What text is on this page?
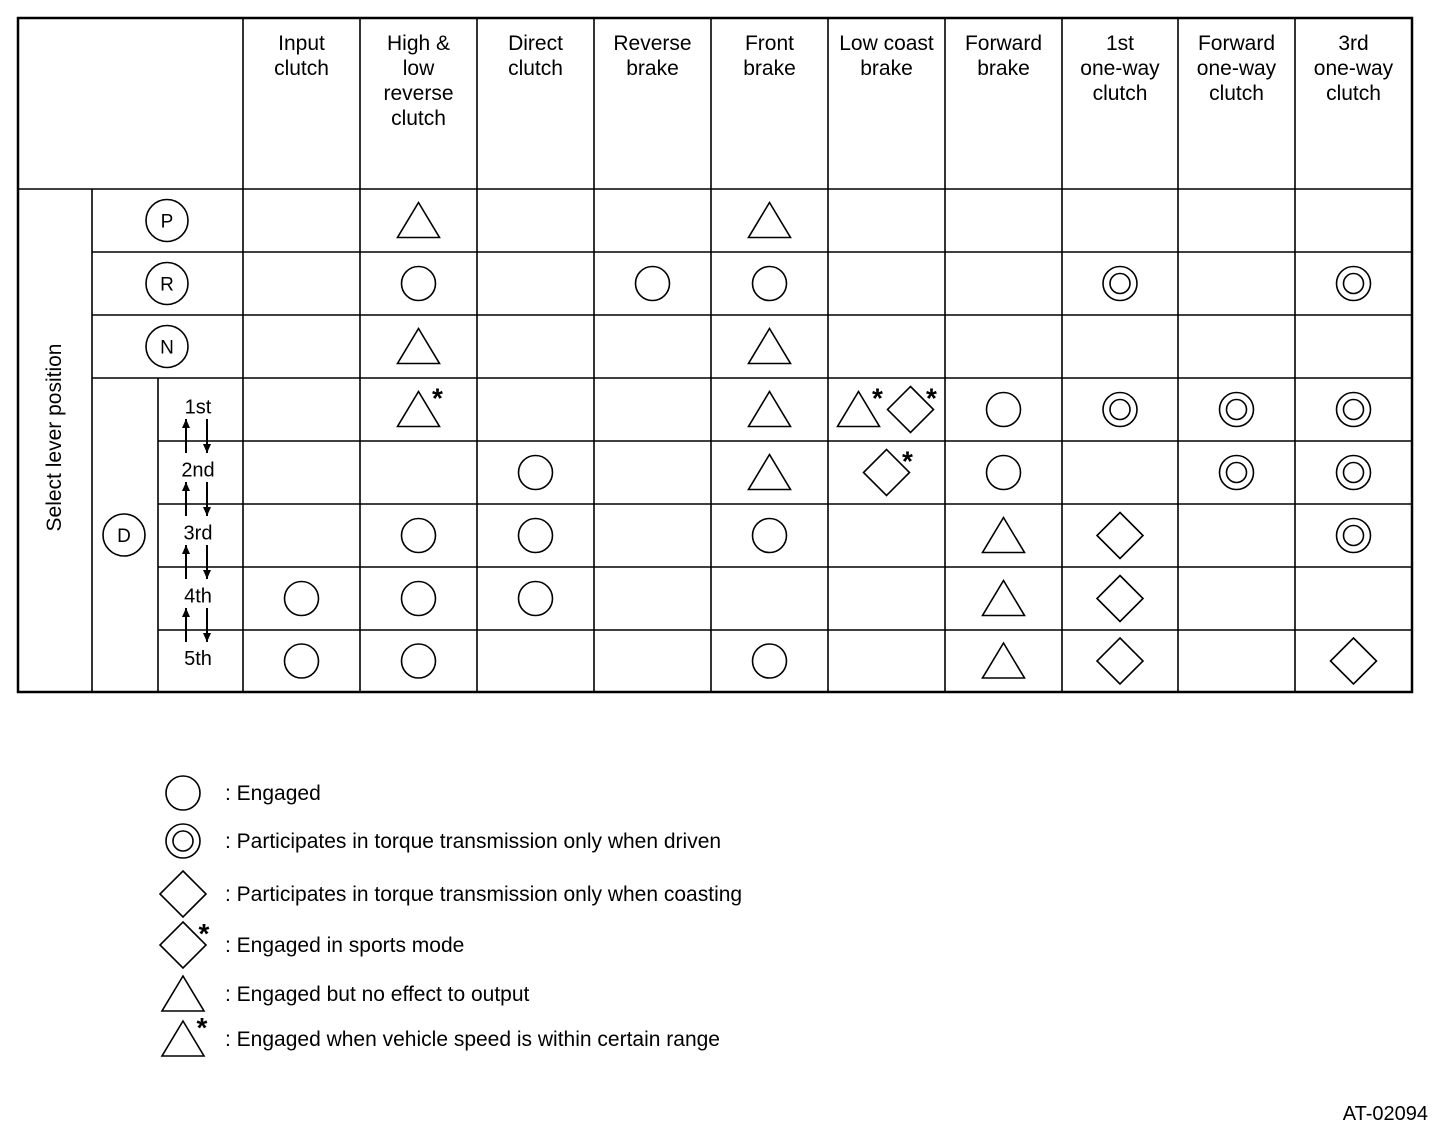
Input clutch
High & low reverse clutch
Direct clutch
Reverse brake
Front brake
Low coast brake
Forward brake
1st one-way clutch
Forward one-way clutch
3rd one-way clutch
Select lever position
P
R
N
D
1st
2nd
3rd
4th
5th
*	* *
*
: Engaged
: Participates in torque transmission only when driven
: Participates in torque transmission only when coasting
* : Engaged in sports mode
: Engaged but no effect to output
* : Engaged when vehicle speed is within certain range
AT-02094
